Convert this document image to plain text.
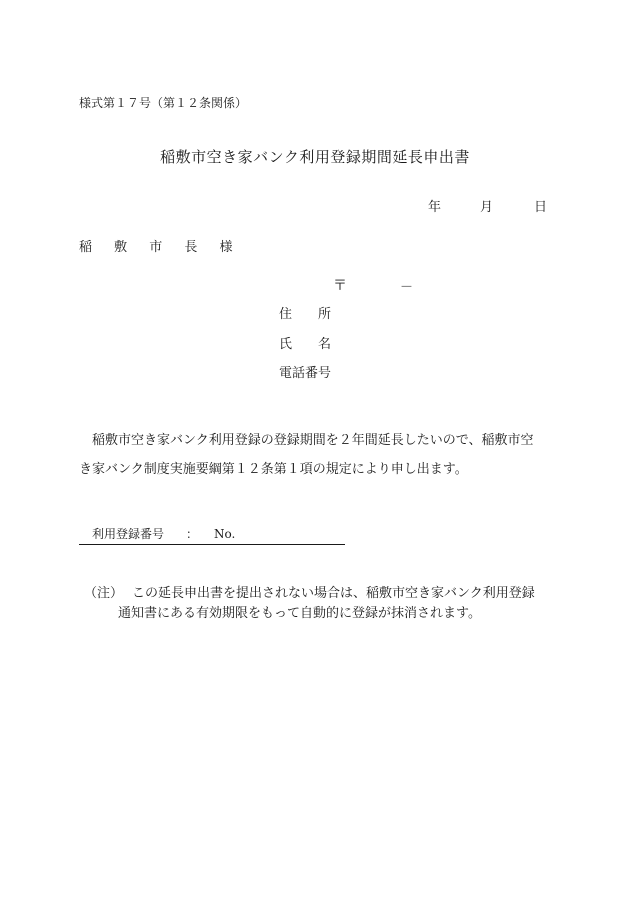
様式第１７号（第１２条関係）
稲敷市空き家バンク利用登録期間延長申出書
年	月	日
稲 敷 市 長 様
〒	－
住　　所
氏　　名
電話番号

稲敷市空き家バンク利用登録の登録期間を２年間延長したいので、稲敷市空

き家バンク制度実施要綱第１２条第１項の規定により申し出ます。

利用登録番号 ： No.
（注） この延長申出書を提出されない場合は、稲敷市空き家バンク利用登録

通知書にある有効期限をもって自動的に登録が抹消されます。
